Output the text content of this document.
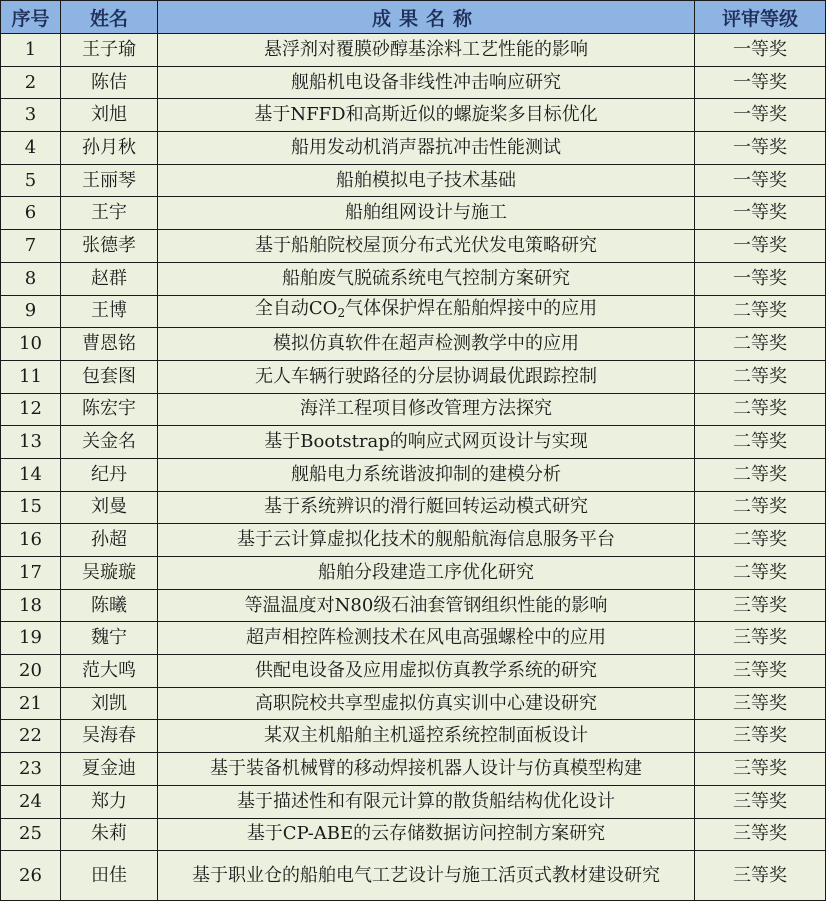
序号	姓名	成果名称	评审等级
1	王子瑜	悬浮剂对覆膜砂醇基涂料工艺性能的影响	一等奖
2	陈佶	舰船机电设备非线性冲击响应研究	一等奖
3	刘旭	基于NFFD和高斯近似的螺旋桨多目标优化	一等奖
4	孙月秋	船用发动机消声器抗冲击性能测试	一等奖
5	王丽琴	船舶模拟电子技术基础	一等奖
6	王宇	船舶组网设计与施工	一等奖
7	张德孝	基于船舶院校屋顶分布式光伏发电策略研究	一等奖
8	赵群	船舶废气脱硫系统电气控制方案研究	一等奖
9	王博	全自动$CO_2$气体保护焊在船舶焊接中的应用	二等奖
10	曹恩铭	模拟仿真软件在超声检测教学中的应用	二等奖
11	包套图	无人车辆行驶路径的分层协调最优跟踪控制	二等奖
12	陈宏宇	海洋工程项目修改管理方法探究	二等奖
13	关金名	基于Bootstrap的响应式网页设计与实现	二等奖
14	纪丹	舰船电力系统谐波抑制的建模分析	二等奖
15	刘曼	基于系统辨识的滑行艇回转运动模式研究	二等奖
16	孙超	基于云计算虚拟化技术的舰船航海信息服务平台	二等奖
17	吴璇璇	船舶分段建造工序优化研究	二等奖
18	陈曦	等温温度对N80级石油套管钢组织性能的影响	三等奖
19	魏宁	超声相控阵检测技术在风电高强螺栓中的应用	三等奖
20	范大鸣	供配电设备及应用虚拟仿真教学系统的研究	三等奖
21	刘凯	高职院校共享型虚拟仿真实训中心建设研究	三等奖
22	吴海春	某双主机船舶主机遥控系统控制面板设计	三等奖
23	夏金迪	基于装备机械臂的移动焊接机器人设计与仿真模型构建	三等奖
24	郑力	基于描述性和有限元计算的散货船结构优化设计	三等奖
25	朱莉	基于CP-ABE的云存储数据访问控制方案研究	三等奖
26	田佳	基于职业仓的船舶电气工艺设计与施工活页式教材建设研究	三等奖
